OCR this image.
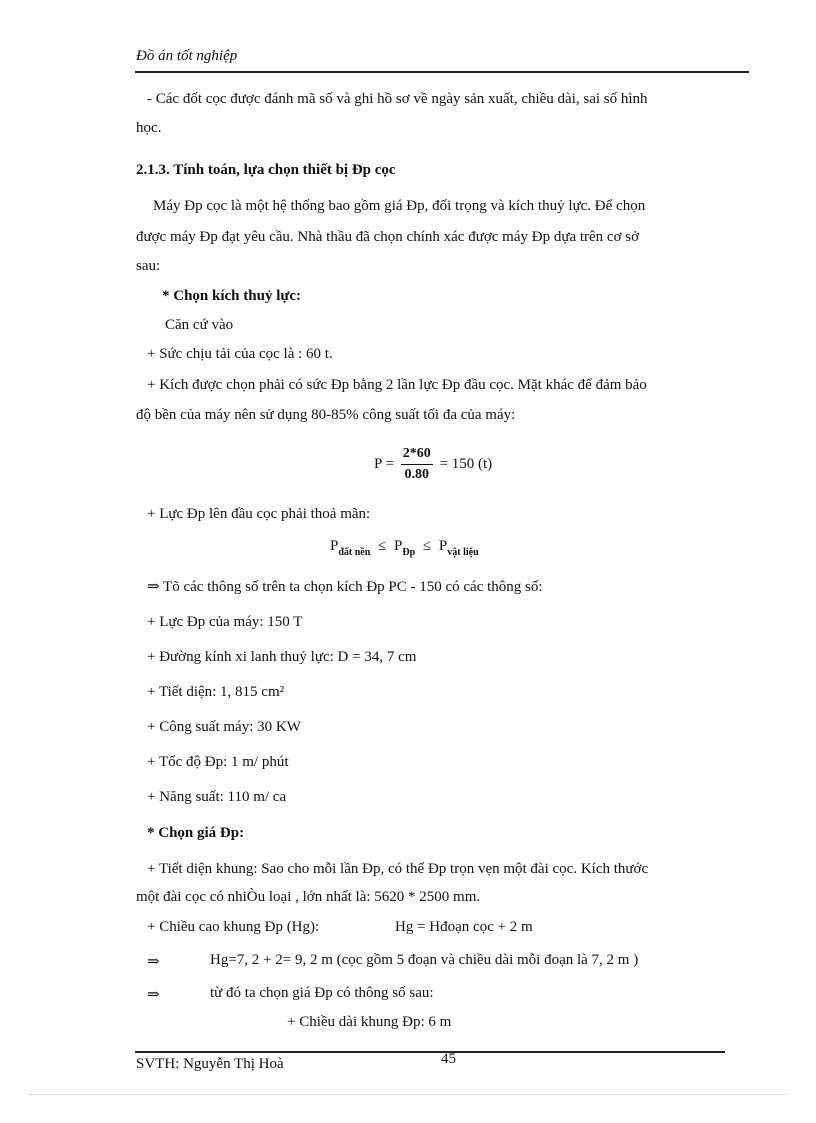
Đồ án tốt nghiệp
- Các đốt cọc được đánh mã số và ghi hồ sơ về ngày sản xuất, chiều dài, sai số hình
học.
2.1.3. Tính toán, lựa chọn thiết bị Đp cọc
Máy Đp cọc là một hệ thống bao gồm giá Đp, đối trọng và kích thuỷ lực. Để chọn
được máy Đp đạt yêu cầu. Nhà thầu đã chọn chính xác được máy Đp dựa trên cơ sở
sau:
* Chọn kích thuỷ lực:
Căn cứ vào
+ Sức chịu tải của cọc là : 60 t.
+ Kích được chọn phải có sức Đp bằng 2 lần lực Đp đầu cọc. Mặt khác để đảm bảo
độ bền của máy nên sử dụng 80-85% công suất tối đa của máy:
$P = \frac{2*60}{0.80} = 150$ (t)
+ Lực Đp lên đầu cọc phải thoả mãn:
$P_{đất nền} \le P_{Đp} \le P_{vật liệu}$
⇒ Tõ các thông số trên ta chọn kích Đp PC - 150 có các thông số:
+ Lực Đp của máy: 150 T
+ Đường kính xi lanh thuỷ lực: D = 34, 7 cm
+ Tiết diện: 1, 815 cm²
+ Công suất máy: 30 KW
+ Tốc độ Đp: 1 m/ phút
+ Năng suất: 110 m/ ca
* Chọn giá Đp:
+ Tiết diện khung: Sao cho mỗi lần Đp, có thể Đp trọn vẹn một đài cọc. Kích thước
một đài cọc có nhiÒu loại , lớn nhất là: 5620 * 2500 mm.
+ Chiều cao khung Đp (Hg):	Hg = Hđoạn cọc + 2 m
⇒	Hg=7, 2 + 2= 9, 2 m (cọc gồm 5 đoạn và chiều dài mỗi đoạn là 7, 2 m )
⇒	từ đó ta chọn giá Đp có thông số sau:
+ Chiều dài khung Đp: 6 m
45
SVTH: Nguyễn Thị Hoà
